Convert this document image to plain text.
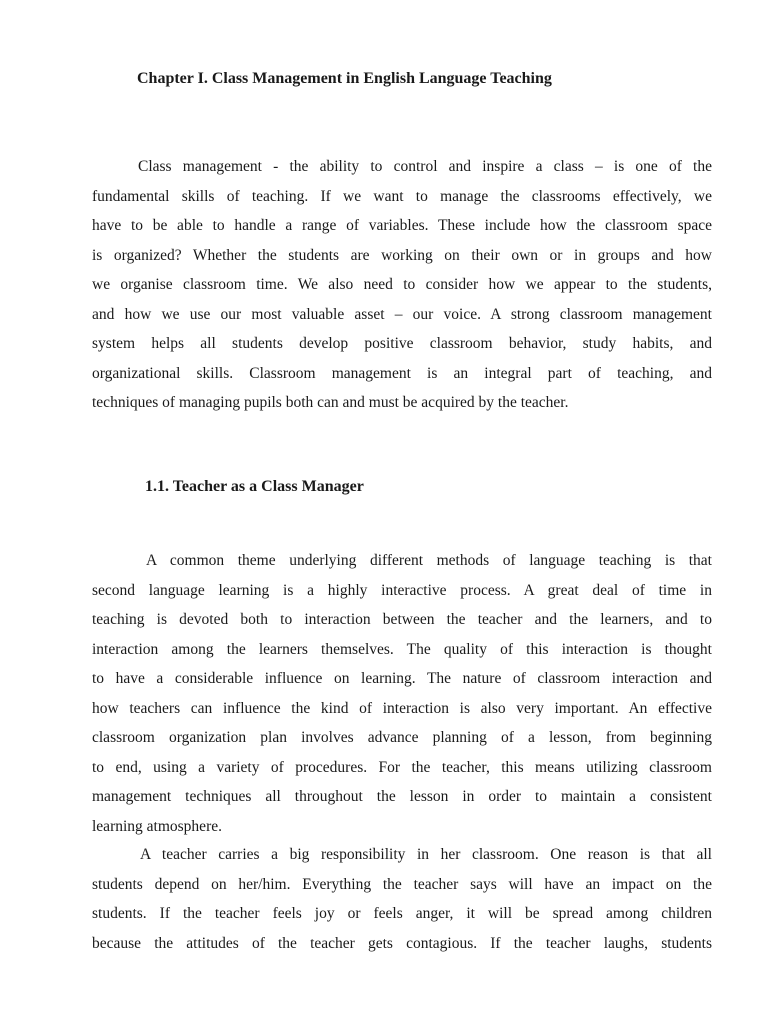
Chapter I. Class Management in English Language Teaching
Class management - the ability to control and inspire a class – is one of the
fundamental skills of teaching. If we want to manage the classrooms effectively, we
have to be able to handle a range of variables. These include how the classroom space
is organized? Whether the students are working on their own or in groups and how
we organise classroom time. We also need to consider how we appear to the students,
and how we use our most valuable asset – our voice. A strong classroom management
system helps all students develop positive classroom behavior, study habits, and
organizational skills. Classroom management is an integral part of teaching, and
techniques of managing pupils both can and must be acquired by the teacher.
1.1. Teacher as a Class Manager
A common theme underlying different methods of language teaching is that
second language learning is a highly interactive process. A great deal of time in
teaching is devoted both to interaction between the teacher and the learners, and to
interaction among the learners themselves. The quality of this interaction is thought
to have a considerable influence on learning. The nature of classroom interaction and
how teachers can influence the kind of interaction is also very important. An effective
classroom organization plan involves advance planning of a lesson, from beginning
to end, using a variety of procedures. For the teacher, this means utilizing classroom
management techniques all throughout the lesson in order to maintain a consistent
learning atmosphere.
A teacher carries a big responsibility in her classroom. One reason is that all
students depend on her/him. Everything the teacher says will have an impact on the
students. If the teacher feels joy or feels anger, it will be spread among children
because the attitudes of the teacher gets contagious. If the teacher laughs, students
